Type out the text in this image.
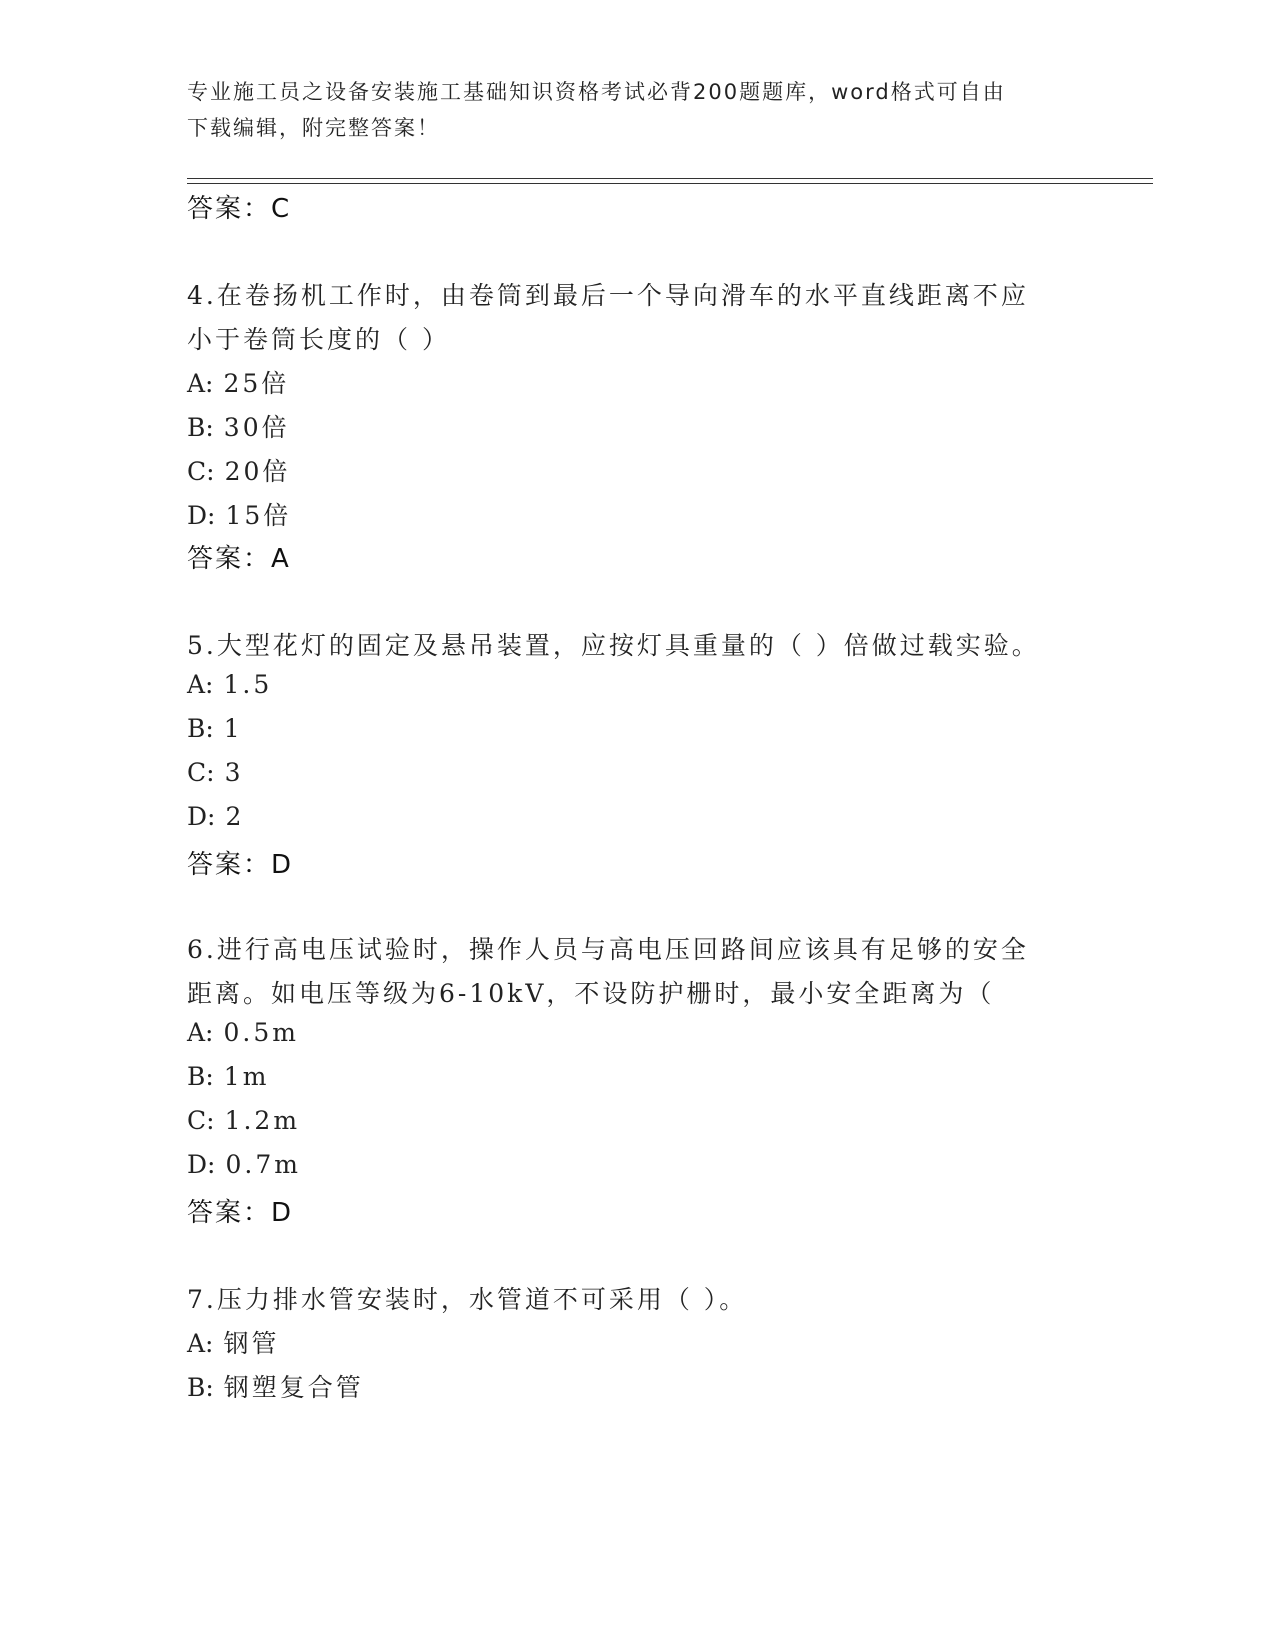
专业施工员之设备安装施工基础知识资格考试必背200题题库，word格式可自由
下载编辑，附完整答案！
答案：C
4.在卷扬机工作时，由卷筒到最后一个导向滑车的水平直线距离不应
小于卷筒长度的（ ）
A: 25倍
B: 30倍
C: 20倍
D: 15倍
答案：A
5.大型花灯的固定及悬吊装置，应按灯具重量的（ ）倍做过载实验。
A: 1.5
B: 1
C: 3
D: 2
答案：D
6.进行高电压试验时，操作人员与高电压回路间应该具有足够的安全
距离。如电压等级为6-10kV，不设防护栅时，最小安全距离为（
A: 0.5m
B: 1m
C: 1.2m
D: 0.7m
答案：D
7.压力排水管安装时，水管道不可采用（ ）。
A: 钢管
B: 钢塑复合管
